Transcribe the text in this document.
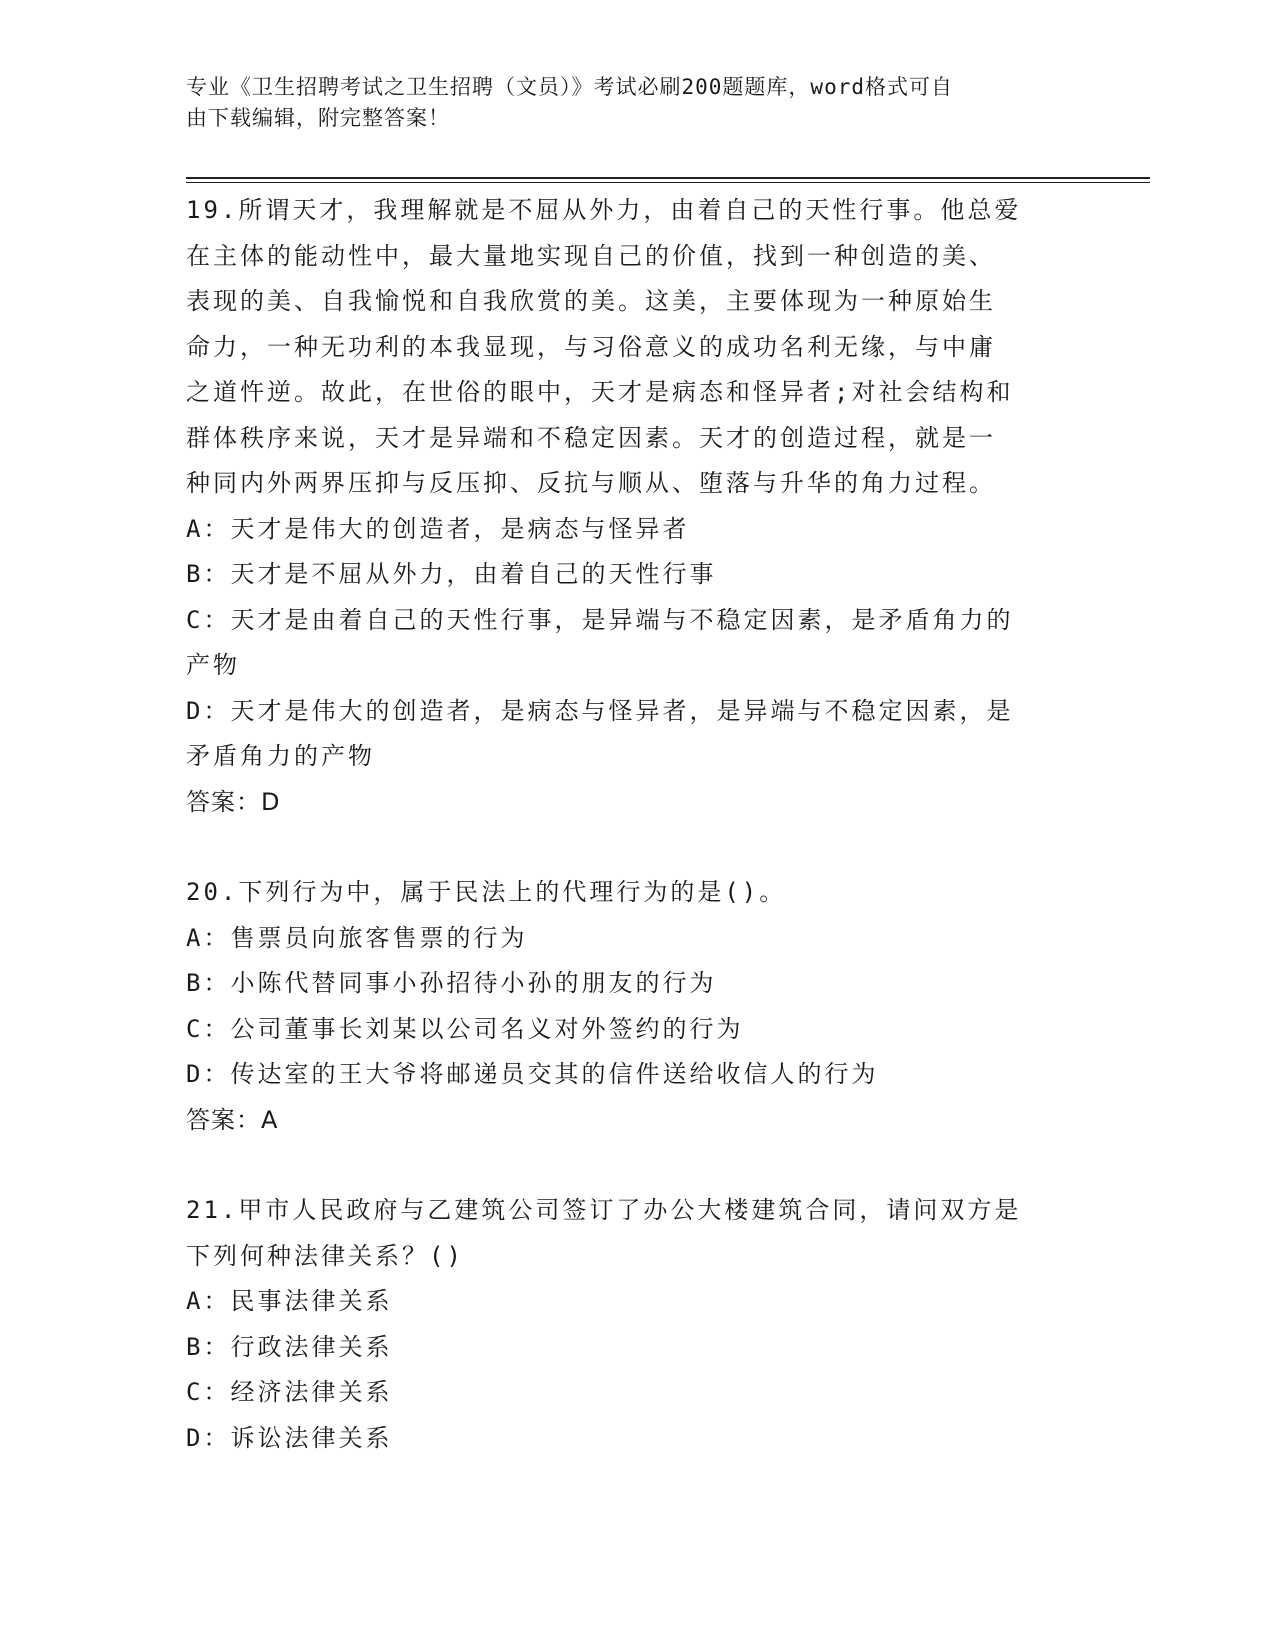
专业《卫生招聘考试之卫生招聘（文员）》考试必刷200题题库，word格式可自
由下载编辑，附完整答案！

19.所谓天才，我理解就是不屈从外力，由着自己的天性行事。他总爱

在主体的能动性中，最大量地实现自己的价值，找到一种创造的美、

表现的美、自我愉悦和自我欣赏的美。这美，主要体现为一种原始生

命力，一种无功利的本我显现，与习俗意义的成功名利无缘，与中庸

之道忤逆。故此，在世俗的眼中，天才是病态和怪异者;对社会结构和

群体秩序来说，天才是异端和不稳定因素。天才的创造过程，就是一

种同内外两界压抑与反压抑、反抗与顺从、堕落与升华的角力过程。

A：天才是伟大的创造者，是病态与怪异者

B：天才是不屈从外力，由着自己的天性行事

C：天才是由着自己的天性行事，是异端与不稳定因素，是矛盾角力的

产物

D：天才是伟大的创造者，是病态与怪异者，是异端与不稳定因素，是

矛盾角力的产物

答案：D

20.下列行为中，属于民法上的代理行为的是()。

A：售票员向旅客售票的行为

B：小陈代替同事小孙招待小孙的朋友的行为

C：公司董事长刘某以公司名义对外签约的行为

D：传达室的王大爷将邮递员交其的信件送给收信人的行为

答案：A

21.甲市人民政府与乙建筑公司签订了办公大楼建筑合同，请问双方是

下列何种法律关系？()

A：民事法律关系

B：行政法律关系

C：经济法律关系

D：诉讼法律关系
